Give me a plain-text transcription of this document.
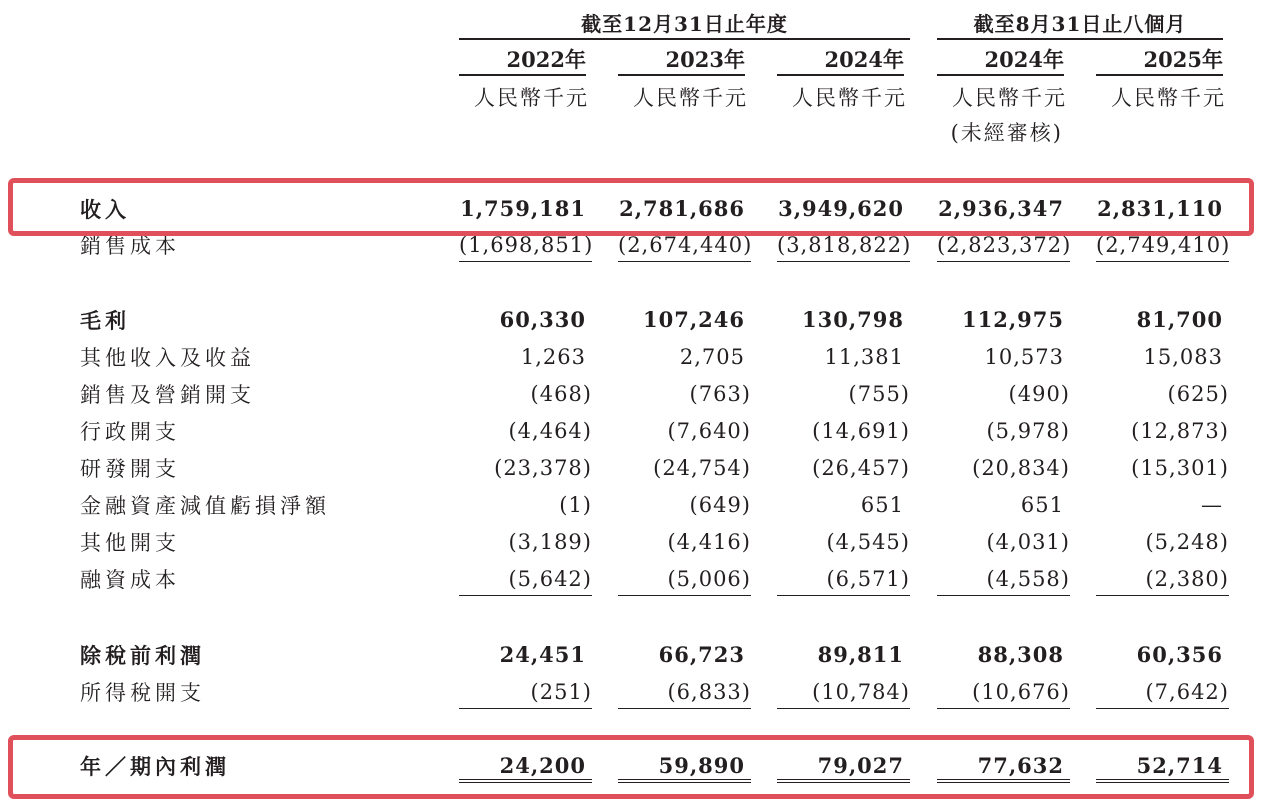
截至12月31日止年度	截至8月31日止八個月
2022年	2023年	2024年	2024年	2025年
人民幣千元	人民幣千元	人民幣千元	人民幣千元	人民幣千元
(未經審核)
收入	1,759,181 2,781,686 3,949,620 2,936,347 2,831,110
銷售成本	(1,698,851) (2,674,440) (3,818,822) (2,823,372) (2,749,410)
毛利	60,330	107,246	130,798	112,975	81,700
其他收入及收益	1,263	2,705	11,381	10,573	15,083
銷售及營銷開支	(468)	(763)	(755)	(490)	(625)
行政開支	(4,464)	(7,640)	(14,691)	(5,978)	(12,873)
研發開支	(23,378)	(24,754)	(26,457)	(20,834)	(15,301)
金融資產減值虧損淨額	(1)	(649)	651	651	—
其他開支	(3,189)	(4,416)	(4,545)	(4,031)	(5,248)
融資成本	(5,642)	(5,006)	(6,571)	(4,558)	(2,380)
除稅前利潤	24,451	66,723	89,811	88,308	60,356
所得稅開支	(251)	(6,833)	(10,784)	(10,676)	(7,642)
年／期內利潤	24,200	59,890	79,027	77,632	52,714
